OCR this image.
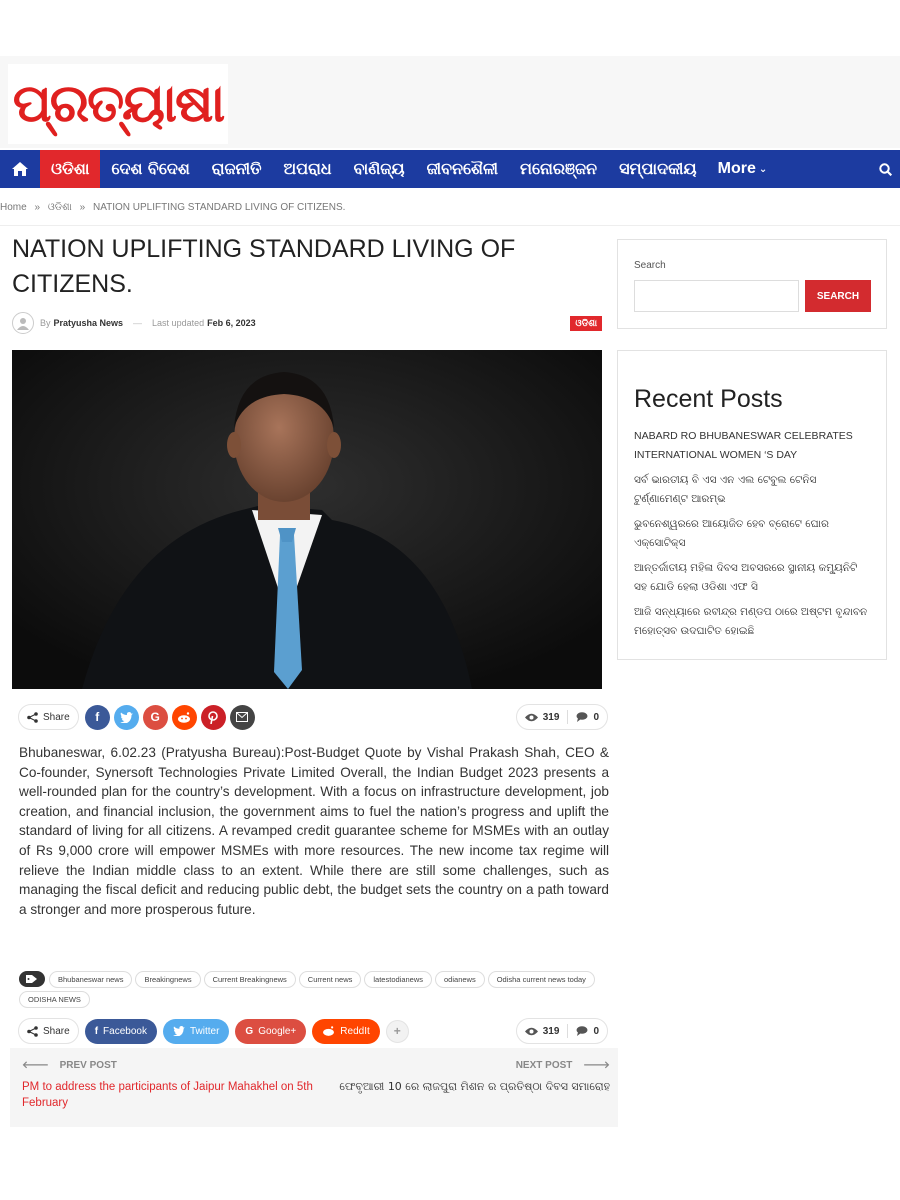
ପ୍ରତ୍ୟାଷା
ଓଡିଶା	ଦେଶ ବିଦେଶ	ରାଜନୀତି	ଅପରାଧ	ବାଣିଜ୍ୟ	ଜୀବନଶୈଳୀ	ମନୋରଞ୍ଜନ	ସମ୍ପାଦକୀୟ	More ⌄
Home » ଓଡିଶା » NATION UPLIFTING STANDARD LIVING OF CITIZENS.
NATION UPLIFTING STANDARD LIVING OF CITIZENS.
By Pratyusha News — Last updated Feb 6, 2023	ଓଡିଶା
Share	f	G	319	0
Bhubaneswar, 6.02.23 (Pratyusha Bureau):Post-Budget Quote by Vishal Prakash Shah, CEO & Co-founder, Synersoft Technologies Private Limited Overall, the Indian Budget 2023 presents a well-rounded plan for the country’s development. With a focus on infrastructure development, job creation, and financial inclusion, the government aims to fuel the nation’s progress and uplift the standard of living for all citizens. A revamped credit guarantee scheme for MSMEs with an outlay of Rs 9,000 crore will empower MSMEs with more resources. The new income tax regime will relieve the Indian middle class to an extent. While there are still some challenges, such as managing the fiscal deficit and reducing public debt, the budget sets the country on a path toward a stronger and more prosperous future.
Bhubaneswar news	Breakingnews	Current Breakingnews	Current news	latestodianews	odianews	Odisha current news today
ODISHA NEWS
Share	f Facebook	Twitter	G Google+	ReddIt	+	319	0
🡐 PREV POST
PM to address the participants of Jaipur Mahakhel on 5th February
NEXT POST 🡒
ଫେବୃଆରୀ 10 ରେ ଲାଜପୁରା ମିଶନ ର ପ୍ରତିଷ୍ଠା ଦିବସ ସମାରୋହ
Search
SEARCH
Recent Posts
NABARD RO BHUBANESWAR CELEBRATES INTERNATIONAL WOMEN ‘S DAY
ସର୍ବ ଭାରତୀୟ ବି ଏସ ଏନ ଏଲ ଟେବୁଲ ଟେନିସ ଟୁର୍ଣ୍ଣାମେଣ୍ଟ ଆରମ୍ଭ
ଭୁବନେଶ୍ୱରରେ ଆୟୋଜିତ ହେବ ବ୍ରୋଟେ ଘୋର ଏକ୍ସୋଟିକ୍ସ
ଆନ୍ତର୍ଜାତୀୟ ମହିଳା ଦିବସ ଅବସରରେ ସ୍ଥାନୀୟ କମ୍ୟୁନିଟି ସହ ଯୋଡି ହେଲା ଓଡିଶା ଏଫ ସି
ଆଜି ସନ୍ଧ୍ୟାରେ ରବୀନ୍ଦ୍ର ମଣ୍ଡପ ଠାରେ ଅଷ୍ଟମ ବୃନ୍ଦାବନ ମହୋତ୍ସବ ଉଦଘାଟିତ ହୋଇଛି
